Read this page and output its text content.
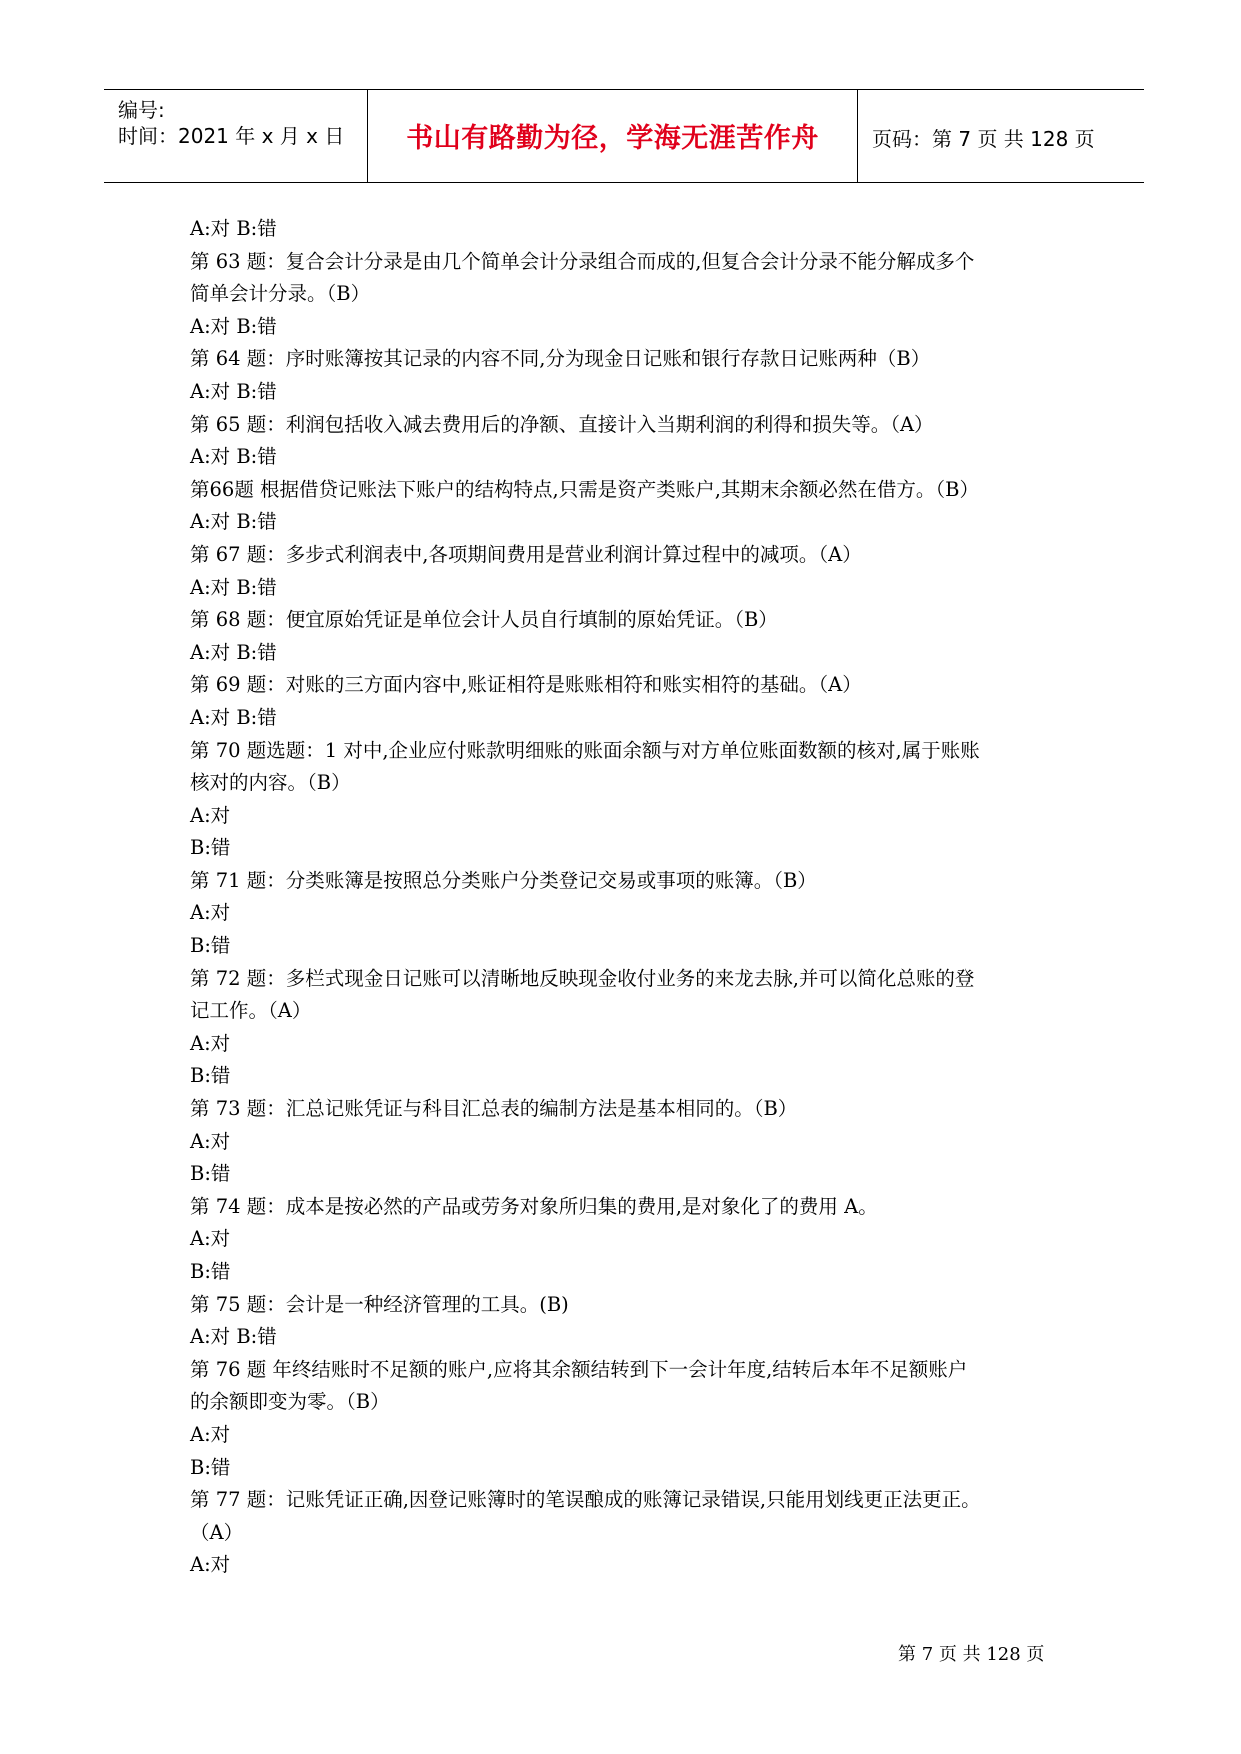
编号:
时间：2021 年 x 月 x 日	书山有路勤为径，学海无涯苦作舟	页码：第 7 页 共 128 页
A:对 B:错
第 63 题：复合会计分录是由几个简单会计分录组合而成的,但复合会计分录不能分解成多个
简单会计分录。（B）
A:对 B:错
第 64 题：序时账簿按其记录的内容不同,分为现金日记账和银行存款日记账两种（B）
A:对 B:错
第 65 题：利润包括收入减去费用后的净额、直接计入当期利润的利得和损失等。（A）
A:对 B:错
第66题 根据借贷记账法下账户的结构特点,只需是资产类账户,其期末余额必然在借方。（B）
A:对 B:错
第 67 题：多步式利润表中,各项期间费用是营业利润计算过程中的减项。（A）
A:对 B:错
第 68 题：便宜原始凭证是单位会计人员自行填制的原始凭证。（B）
A:对 B:错
第 69 题：对账的三方面内容中,账证相符是账账相符和账实相符的基础。（A）
A:对 B:错
第 70 题选题：1 对中,企业应付账款明细账的账面余额与对方单位账面数额的核对,属于账账
核对的内容。（B）
A:对
B:错
第 71 题：分类账簿是按照总分类账户分类登记交易或事项的账簿。（B）
A:对
B:错
第 72 题：多栏式现金日记账可以清晰地反映现金收付业务的来龙去脉,并可以简化总账的登
记工作。（A）
A:对
B:错
第 73 题：汇总记账凭证与科目汇总表的编制方法是基本相同的。（B）
A:对
B:错
第 74 题：成本是按必然的产品或劳务对象所归集的费用,是对象化了的费用 A。
A:对
B:错
第 75 题：会计是一种经济管理的工具。(B)
A:对 B:错
第 76 题 年终结账时不足额的账户,应将其余额结转到下一会计年度,结转后本年不足额账户
的余额即变为零。（B）
A:对
B:错
第 77 题：记账凭证正确,因登记账簿时的笔误酿成的账簿记录错误,只能用划线更正法更正。
（A）
A:对
第 7 页 共 128 页
